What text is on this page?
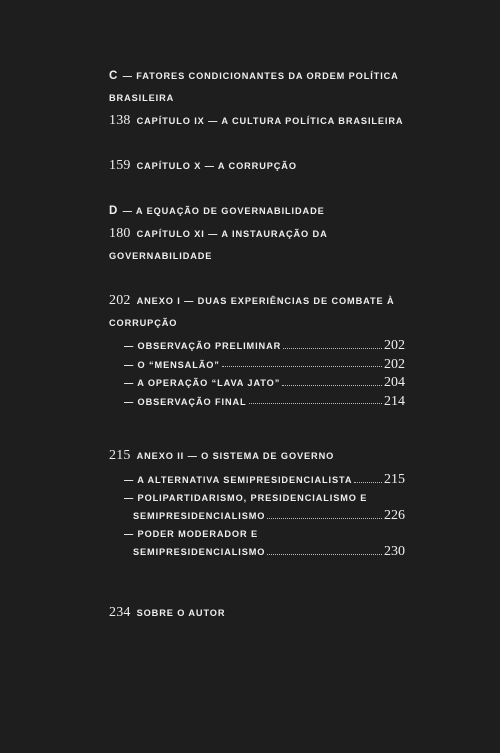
C — FATORES CONDICIONANTES DA ORDEM POLÍTICA
BRASILEIRA
138 CAPÍTULO IX — A CULTURA POLÍTICA BRASILEIRA
159 CAPÍTULO X — A CORRUPÇÃO
D — A EQUAÇÃO DE GOVERNABILIDADE
180 CAPÍTULO XI — A INSTAURAÇÃO DA
GOVERNABILIDADE
202 ANEXO I — DUAS EXPERIÊNCIAS DE COMBATE À
CORRUPÇÃO
— OBSERVAÇÃO PRELIMINAR	202
— O “MENSALÃO”	202
— A OPERAÇÃO “LAVA JATO”	204
— OBSERVAÇÃO FINAL	214
215 ANEXO II — O SISTEMA DE GOVERNO
— A ALTERNATIVA SEMIPRESIDENCIALISTA 215
— POLIPARTIDARISMO, PRESIDENCIALISMO E
SEMIPRESIDENCIALISMO	226
— PODER MODERADOR E
SEMIPRESIDENCIALISMO	230
234 SOBRE O AUTOR
